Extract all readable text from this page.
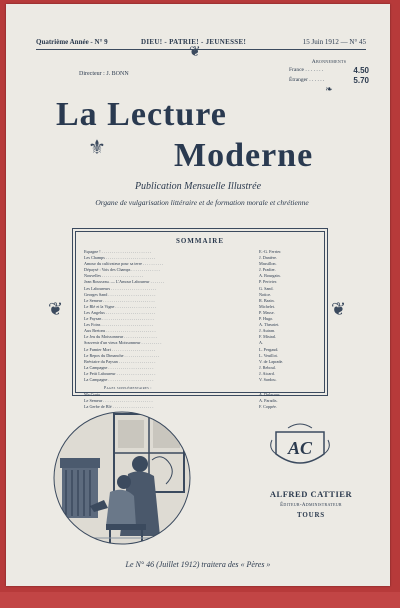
Quatrième Année - N° 9	DIEU! - PATRIE! - JEUNESSE!	15 Juin 1912 — N° 45
❦
Directeur : J. BONN
Abonnements
France . . . . . . .	4.50
Étranger . . . . . .	5.70
❧
La Lecture
⚜ Moderne
Publication Mensuelle Illustrée
Organe de vulgarisation littéraire et de formation morale et chrétienne
❦	❦
SOMMAIRE
Espagne ! . . . . . . . . . . . . . . . . . . . . . . . .	E.-G. Ferrier.
Les Champs . . . . . . . . . . . . . . . . . . . . . . . .	J. Dantère.
Amour du cultivateur pour sa terre . . . . . . . . . .	Massillon.
Dépaysé : Vois des Champs . . . . . . . . . . . . . .	J. Pradier.
Nouvelles . . . . . . . . . . . . . . . . . . . .	A. Bourgain.
Jean Rousseau. — L'Amour Laboureur . . . . . . .	P. Perivier.
Les Laboureurs . . . . . . . . . . . . . . . . . . . . . .	G. Sand.
Georges Sand . . . . . . . . . . . . . . . . . . . . . . .	Notice.
Le Semeur . . . . . . . . . . . . . . . . . . . . . . . . .	R. Bazin.
Le Blé et la Vigne . . . . . . . . . . . . . . . . . . . .	Michelet.
Les Angelus . . . . . . . . . . . . . . . . . . . . . . . .	P. Masse.
Le Paysan . . . . . . . . . . . . . . . . . . . . . . . . .	P. Hugo.
Les Foins . . . . . . . . . . . . . . . . . . . . . . . . .	A. Theuriet.
Aux Bretons . . . . . . . . . . . . . . . . . . . . . . . .	J. Autran.
Le Jeu du Moissonneur . . . . . . . . . . . . . . . .	F. Mistral.
Souvenir d'un vieux Moissonneur . . . . . . . . . .	A.
Le Fumier Mort . . . . . . . . . . . . . . . . . . . . .	L. Pergaud.
Le Repos du Dimanche . . . . . . . . . . . . . . . . .	L. Veuillot.
Bréviaire du Paysan . . . . . . . . . . . . . . . . . .	V. de Laprade.
La Campagne . . . . . . . . . . . . . . . . . . . . . .	J. Reboul.
Le Petit Laboureur . . . . . . . . . . . . . . . . . . .	J. Aicard.
La Campagne . . . . . . . . . . . . . . . . . . . . . .	V. Sardou.
Pages supplémentaires :
Ma Croix . . . . . . . . . . . . . . . . . . . . . . . . .	A. Delacour.
Le Semeur . . . . . . . . . . . . . . . . . . . . . . . .	A. Paradis.
La Gerbe de Blé . . . . . . . . . . . . . . . . . . . .	F. Coppée.
AC
ALFRED CATTIER
Éditeur-Administrateur
TOURS
Le N° 46 (Juillet 1912) traitera des « Pères »
